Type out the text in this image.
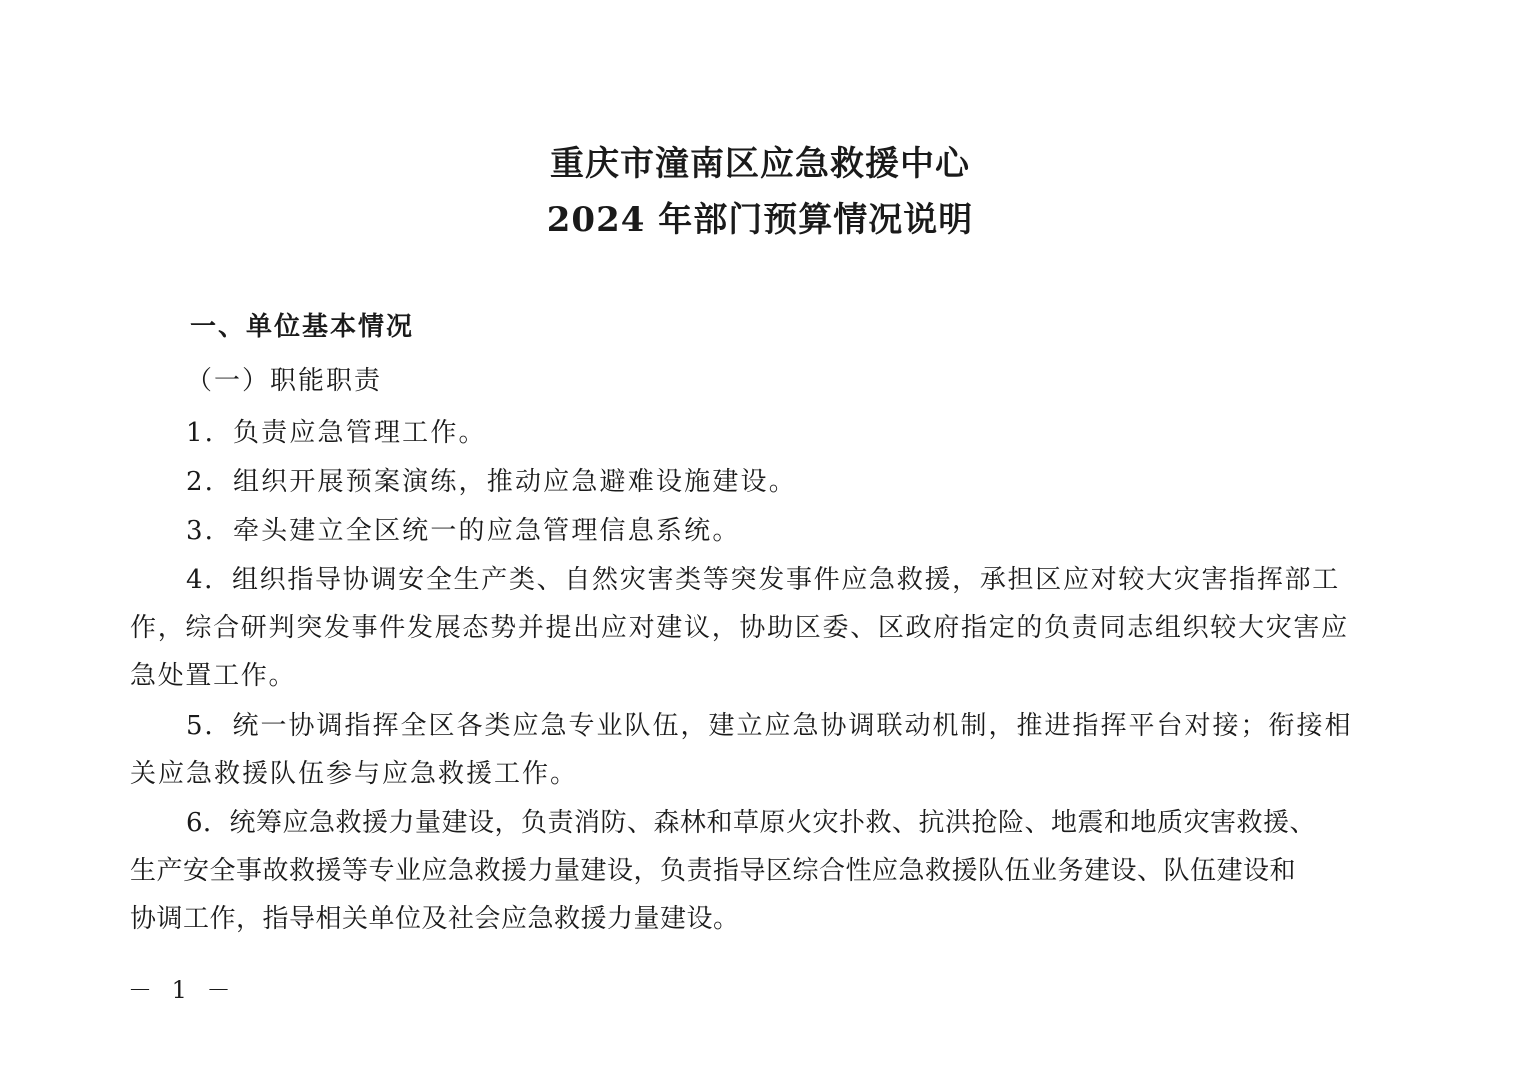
重庆市潼南区应急救援中心
2024 年部门预算情况说明
一、单位基本情况
（一）职能职责
1．负责应急管理工作。
2．组织开展预案演练，推动应急避难设施建设。
3．牵头建立全区统一的应急管理信息系统。
4．组织指导协调安全生产类、自然灾害类等突发事件应急救援，承担区应对较大灾害指挥部工
作，综合研判突发事件发展态势并提出应对建议，协助区委、区政府指定的负责同志组织较大灾害应
急处置工作。
5．统一协调指挥全区各类应急专业队伍，建立应急协调联动机制，推进指挥平台对接；衔接相
关应急救援队伍参与应急救援工作。
6．统筹应急救援力量建设，负责消防、森林和草原火灾扑救、抗洪抢险、地震和地质灾害救援、
生产安全事故救援等专业应急救援力量建设，负责指导区综合性应急救援队伍业务建设、队伍建设和
协调工作，指导相关单位及社会应急救援力量建设。
－ 1 －
